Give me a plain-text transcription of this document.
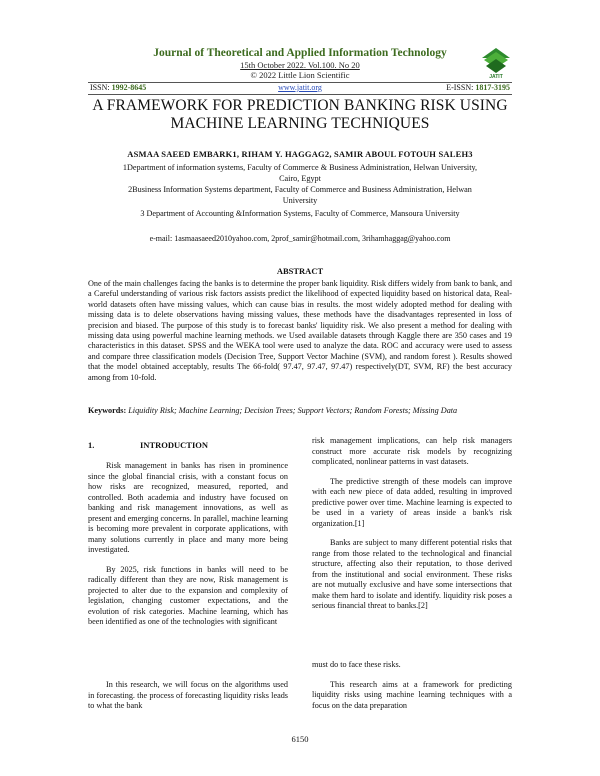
Journal of Theoretical and Applied Information Technology
15th October 2022. Vol.100. No 20
© 2022 Little Lion Scientific	JATIT
ISSN: 1992-8645	www.jatit.org	E-ISSN: 1817-3195
A FRAMEWORK FOR PREDICTION BANKING RISK USING
MACHINE LEARNING TECHNIQUES
ASMAA SAEED EMBARK1, RIHAM Y. HAGGAG2, SAMIR ABOUL FOTOUH SALEH3
1Department of information systems, Faculty of Commerce & Business Administration, Helwan University,
Cairo, Egypt
2Business Information Systems department, Faculty of Commerce and Business Administration, Helwan
University
3 Department of Accounting &Information Systems, Faculty of Commerce, Mansoura University
e-mail: 1asmaasaeed2010yahoo.com, 2prof_samir@hotmail.com, 3rihamhaggag@yahoo.com
ABSTRACT
One of the main challenges facing the banks is to determine the proper bank liquidity. Risk differs widely from bank to bank, and a Careful understanding of various risk factors assists predict the likelihood of expected liquidity based on historical data, Real-world datasets often have missing values, which can cause bias in results. the most widely adopted method for dealing with missing data is to delete observations having missing values, these methods have the disadvantages represented in loss of precision and biased. The purpose of this study is to forecast banks' liquidity risk. We also present a method for dealing with missing data using powerful machine learning methods. we Used available datasets through Kaggle there are 350 cases and 19 characteristics in this dataset. SPSS and the WEKA tool were used to analyze the data. ROC and accuracy were used to assess and compare three classification models (Decision Tree, Support Vector Machine (SVM), and random forest ). Results showed that the model obtained acceptably, results The 66-fold( 97.47, 97.47, 97.47) respectively(DT, SVM, RF) the best accuracy among from 10-fold.
Keywords: Liquidity Risk; Machine Learning; Decision Trees; Support Vectors; Random Forests; Missing Data
1.	INTRODUCTION

Risk management in banks has risen in prominence since the global financial crisis, with a constant focus on how risks are recognized, measured, reported, and controlled. Both academia and industry have focused on banking and risk management innovations, as well as present and emerging concerns. In parallel, machine learning is becoming more prevalent in corporate applications, with many solutions currently in place and many more being investigated.

By 2025, risk functions in banks will need to be radically different than they are now, Risk management is projected to alter due to the expansion and complexity of legislation, changing customer expectations, and the evolution of risk categories. Machine learning, which has been identified as one of the technologies with significant

In this research, we will focus on the algorithms used in forecasting. the process of forecasting liquidity risks leads to what the bank

risk management implications, can help risk managers construct more accurate risk models by recognizing complicated, nonlinear patterns in vast datasets.

The predictive strength of these models can improve with each new piece of data added, resulting in improved predictive power over time. Machine learning is expected to be used in a variety of areas inside a bank's risk organization.[1]

Banks are subject to many different potential risks that range from those related to the technological and financial structure, affecting also their reputation, to those derived from the institutional and social environment. These risks are not mutually exclusive and have some intersections that make them hard to isolate and identify. liquidity risk poses a serious financial threat to banks.[2]

must do to face these risks.

This research aims at a framework for predicting liquidity risks using machine learning techniques with a focus on the data preparation

6150
